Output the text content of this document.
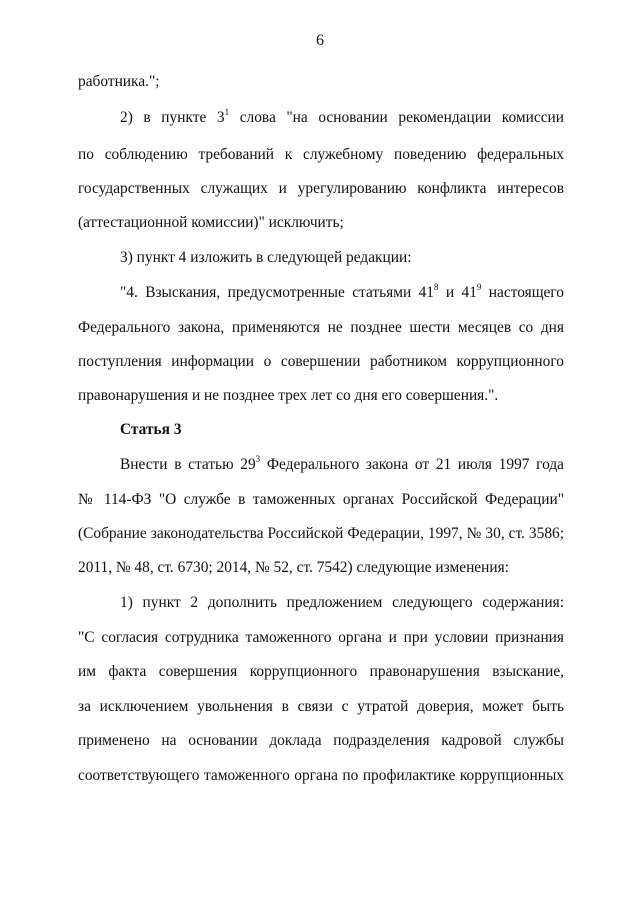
6
работника.";
2) в пункте $3^1$ слова "на основании рекомендации комиссии
по соблюдению требований к служебному поведению федеральных
государственных служащих и урегулированию конфликта интересов
(аттестационной комиссии)" исключить;
3) пункт 4 изложить в следующей редакции:
"4. Взыскания, предусмотренные статьями $41^8$ и $41^9$ настоящего
Федерального закона, применяются не позднее шести месяцев со дня
поступления информации о совершении работником коррупционного
правонарушения и не позднее трех лет со дня его совершения.".
Статья 3
Внести в статью $29^3$ Федерального закона от 21 июля 1997 года
№ 114-ФЗ "О службе в таможенных органах Российской Федерации"
(Собрание законодательства Российской Федерации, 1997, № 30, ст. 3586;
2011, № 48, ст. 6730; 2014, № 52, ст. 7542) следующие изменения:
1) пункт 2 дополнить предложением следующего содержания:
"С согласия сотрудника таможенного органа и при условии признания
им факта совершения коррупционного правонарушения взыскание,
за исключением увольнения в связи с утратой доверия, может быть
применено на основании доклада подразделения кадровой службы
соответствующего таможенного органа по профилактике коррупционных
